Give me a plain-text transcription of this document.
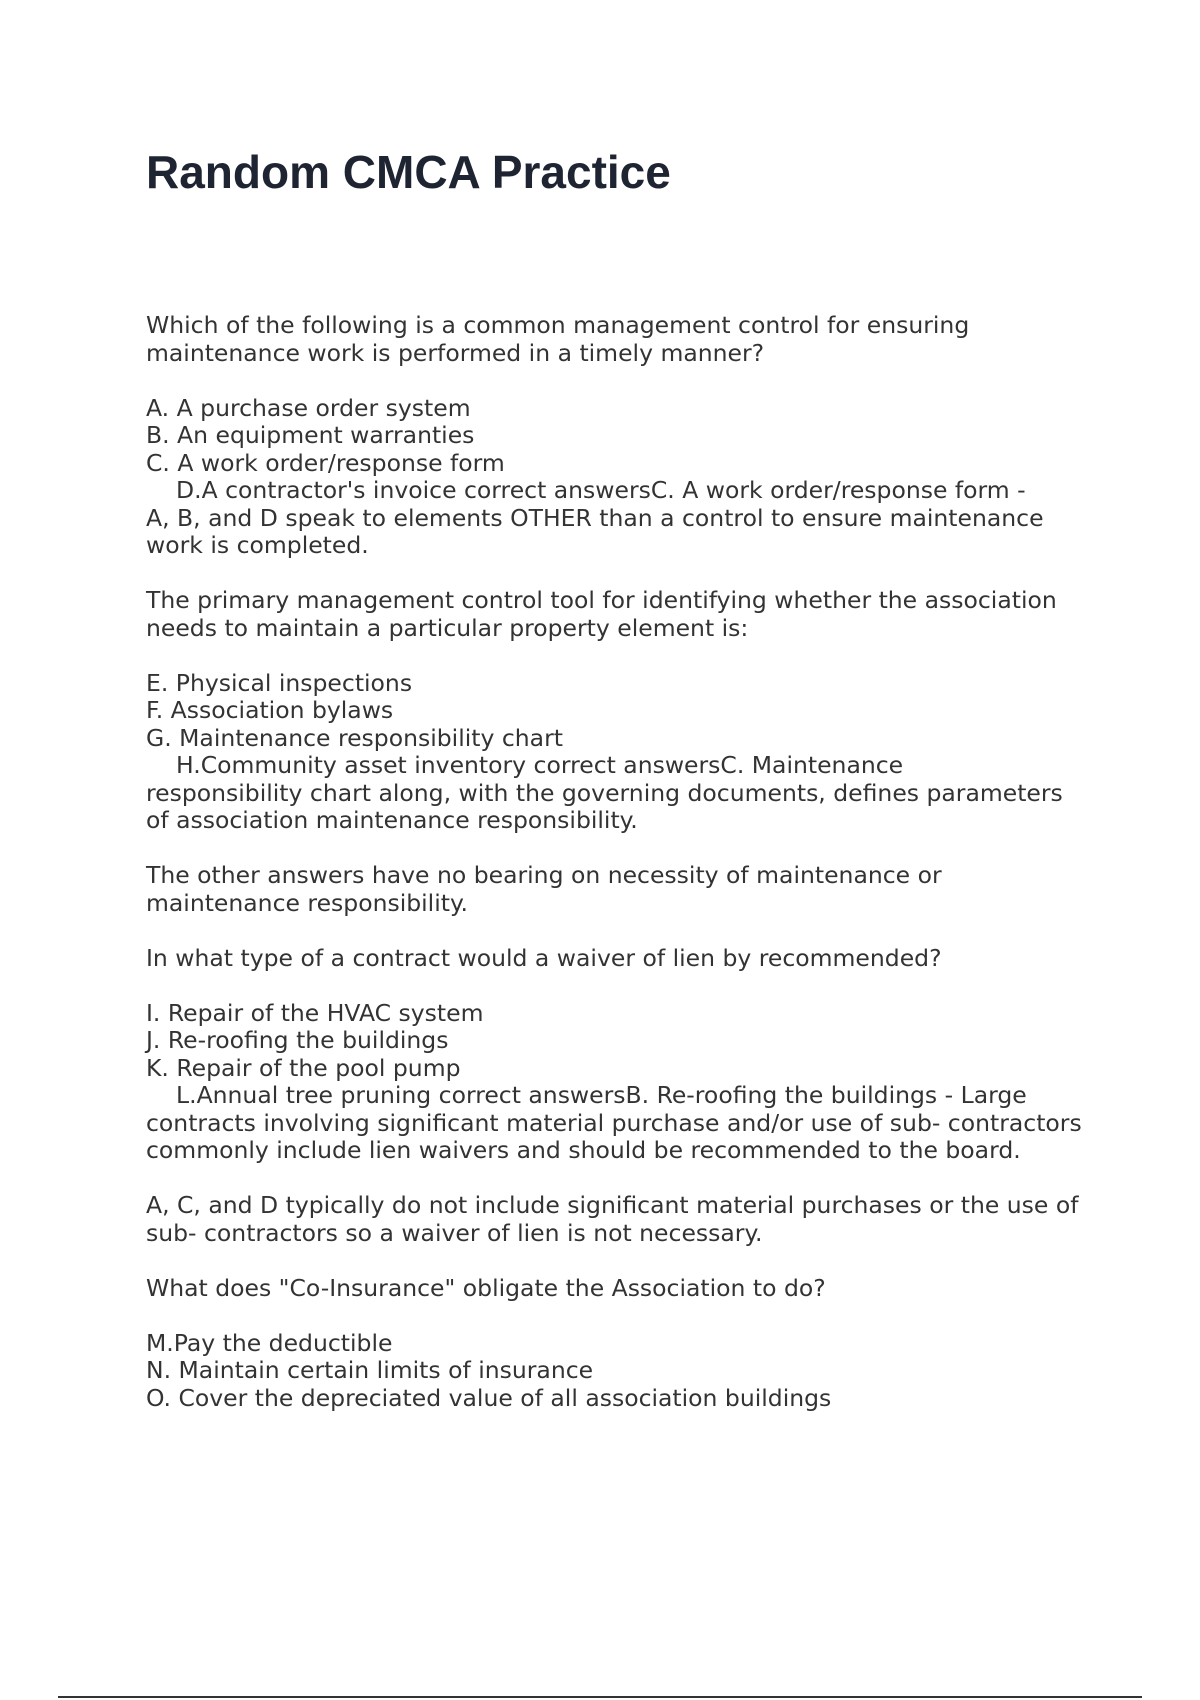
Random CMCA Practice

Which of the following is a common management control for ensuring maintenance work is performed in a timely manner?

A. A purchase order system
B. An equipment warranties
C. A work order/response form
D.A contractor's invoice correct answersC. A work order/response form -

A, B, and D speak to elements OTHER than a control to ensure maintenance work is completed.

The primary management control tool for identifying whether the association needs to maintain a particular property element is:

E. Physical inspections
F. Association bylaws
G. Maintenance responsibility chart
H.Community asset inventory correct answersC. Maintenance

responsibility chart along, with the governing documents, defines parameters of association maintenance responsibility.

The other answers have no bearing on necessity of maintenance or maintenance responsibility.

In what type of a contract would a waiver of lien by recommended?

I. Repair of the HVAC system
J. Re-roofing the buildings
K. Repair of the pool pump
L.Annual tree pruning correct answersB. Re-roofing the buildings - Large

contracts involving significant material purchase and/or use of sub- contractors commonly include lien waivers and should be recommended to the board.

A, C, and D typically do not include significant material purchases or the use of sub- contractors so a waiver of lien is not necessary.

What does "Co-Insurance" obligate the Association to do?

M.Pay the deductible
N. Maintain certain limits of insurance
O. Cover the depreciated value of all association buildings
